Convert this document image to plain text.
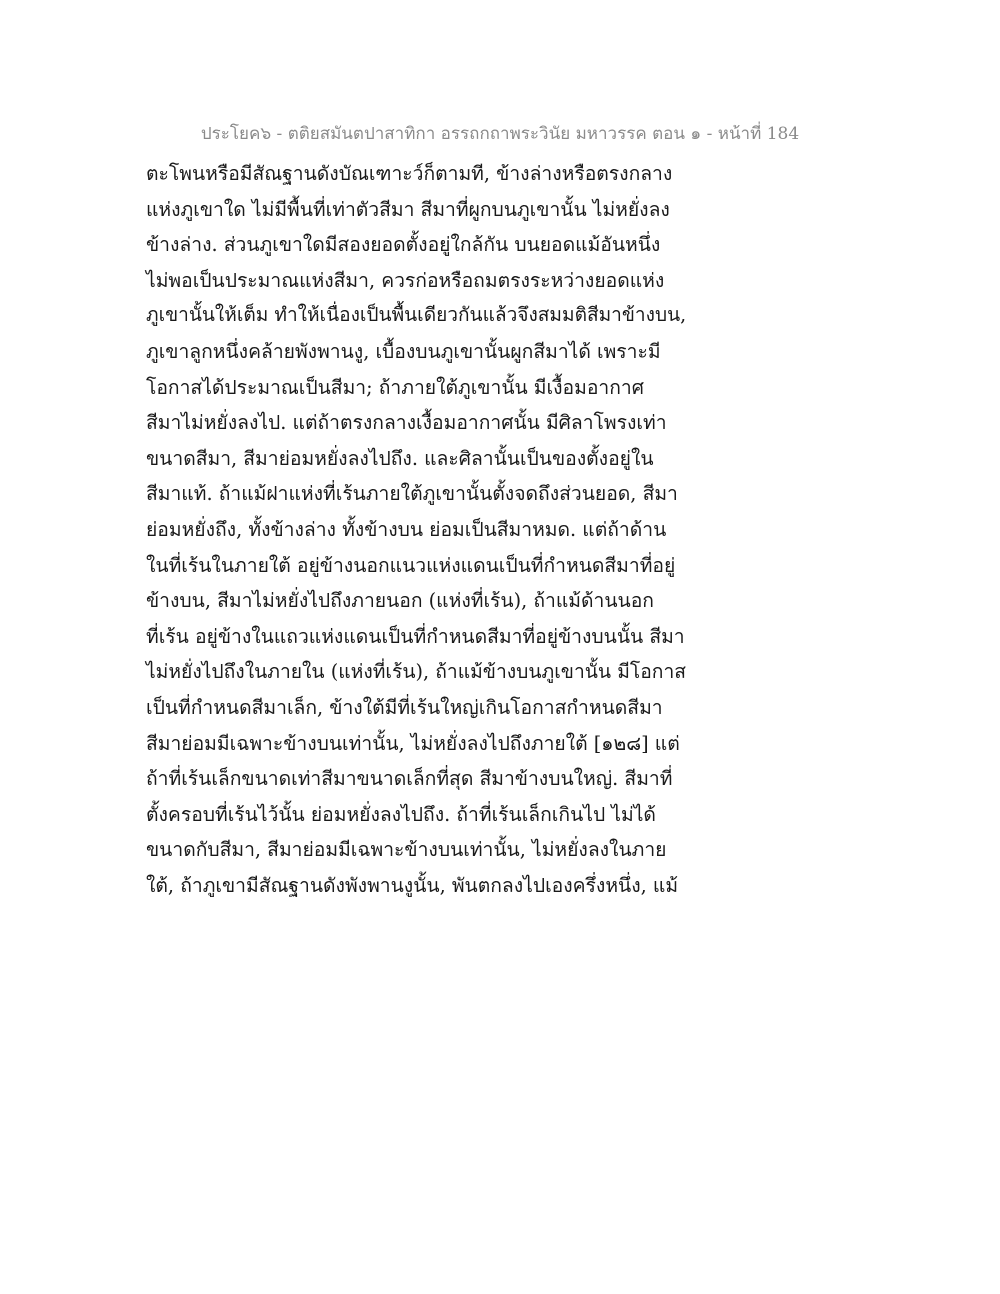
ประโยค๖ - ตติยสมันตปาสาทิกา อรรถกถาพระวินัย มหาวรรค ตอน ๑ - หน้าที่ 184
ตะโพนหรือมีสัณฐานดังบัณเฑาะว์ก็ตามที, ข้างล่างหรือตรงกลาง
แห่งภูเขาใด ไม่มีพื้นที่เท่าตัวสีมา สีมาที่ผูกบนภูเขานั้น ไม่หยั่งลง
ข้างล่าง. ส่วนภูเขาใดมีสองยอดตั้งอยู่ใกล้กัน บนยอดแม้อันหนึ่ง
ไม่พอเป็นประมาณแห่งสีมา, ควรก่อหรือถมตรงระหว่างยอดแห่ง
ภูเขานั้นให้เต็ม ทำให้เนื่องเป็นพื้นเดียวกันแล้วจึงสมมติสีมาข้างบน,
ภูเขาลูกหนึ่งคล้ายพังพานงู, เบื้องบนภูเขานั้นผูกสีมาได้ เพราะมี
โอกาสได้ประมาณเป็นสีมา; ถ้าภายใต้ภูเขานั้น มีเงื้อมอากาศ
สีมาไม่หยั่งลงไป. แต่ถ้าตรงกลางเงื้อมอากาศนั้น มีศิลาโพรงเท่า
ขนาดสีมา, สีมาย่อมหยั่งลงไปถึง. และศิลานั้นเป็นของตั้งอยู่ใน
สีมาแท้. ถ้าแม้ฝาแห่งที่เร้นภายใต้ภูเขานั้นตั้งจดถึงส่วนยอด, สีมา
ย่อมหยั่งถึง, ทั้งข้างล่าง ทั้งข้างบน ย่อมเป็นสีมาหมด. แต่ถ้าด้าน
ในที่เร้นในภายใต้ อยู่ข้างนอกแนวแห่งแดนเป็นที่กำหนดสีมาที่อยู่
ข้างบน, สีมาไม่หยั่งไปถึงภายนอก (แห่งที่เร้น), ถ้าแม้ด้านนอก
ที่เร้น อยู่ข้างในแถวแห่งแดนเป็นที่กำหนดสีมาที่อยู่ข้างบนนั้น สีมา
ไม่หยั่งไปถึงในภายใน (แห่งที่เร้น), ถ้าแม้ข้างบนภูเขานั้น มีโอกาส
เป็นที่กำหนดสีมาเล็ก, ข้างใต้มีที่เร้นใหญ่เกินโอกาสกำหนดสีมา
สีมาย่อมมีเฉพาะข้างบนเท่านั้น, ไม่หยั่งลงไปถึงภายใต้ [๑๒๘] แต่
ถ้าที่เร้นเล็กขนาดเท่าสีมาขนาดเล็กที่สุด สีมาข้างบนใหญ่. สีมาที่
ตั้งครอบที่เร้นไว้นั้น ย่อมหยั่งลงไปถึง. ถ้าที่เร้นเล็กเกินไป ไม่ได้
ขนาดกับสีมา, สีมาย่อมมีเฉพาะข้างบนเท่านั้น, ไม่หยั่งลงในภาย
ใต้, ถ้าภูเขามีสัณฐานดังพังพานงูนั้น, พันตกลงไปเองครึ่งหนึ่ง, แม้
